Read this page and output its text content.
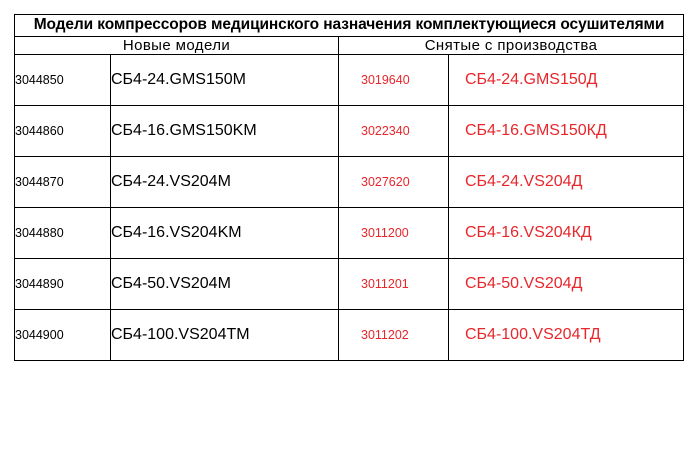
Модели компрессоров медицинского назначения комплектующиеся осушителями			
Новые модели		Снятые с производства	
3044850	СБ4-24.GMS150M	3019640	СБ4-24.GMS150Д
3044860	СБ4-16.GMS150KM	3022340	СБ4-16.GMS150КД
3044870	СБ4-24.VS204M	3027620	СБ4-24.VS204Д
3044880	СБ4-16.VS204KM	3011200	СБ4-16.VS204КД
3044890	СБ4-50.VS204M	3011201	СБ4-50.VS204Д
3044900	СБ4-100.VS204TM	3011202	СБ4-100.VS204ТД
